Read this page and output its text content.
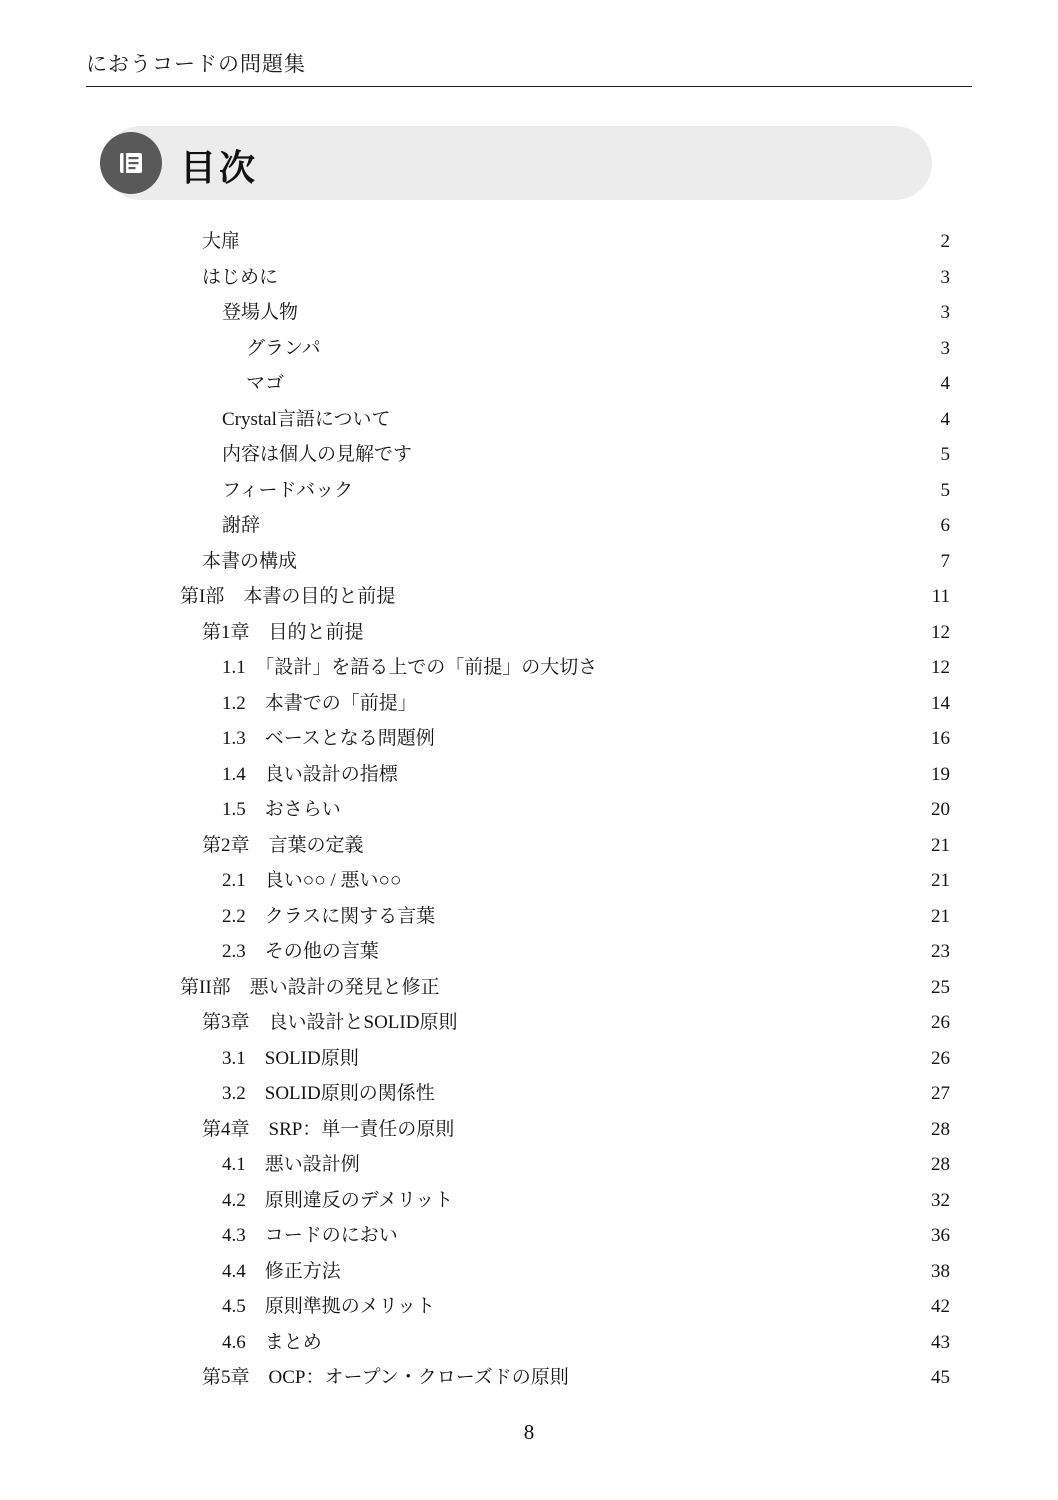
におうコードの問題集
目次
大扉 ·····	2
はじめに ·····	3
登場人物 ·····	3
グランパ ·····	3
マゴ ·····	4
Crystal言語について ·····	4
内容は個人の見解です ·····	5
フィードバック ·····	5
謝辞 ·····	6
本書の構成 ·····	7
第I部　本書の目的と前提 ·····	11
第1章　目的と前提 ·····	12
1.1　「設計」を語る上での「前提」の大切さ ·····	12
1.2　本書での「前提」 ·····	14
1.3　ベースとなる問題例 ·····	16
1.4　良い設計の指標 ·····	19
1.5　おさらい ·····	20
第2章　言葉の定義 ·····	21
2.1　良い○○ / 悪い○○ ·····	21
2.2　クラスに関する言葉 ·····	21
2.3　その他の言葉 ·····	23
第II部　悪い設計の発見と修正 ·····	25
第3章　良い設計とSOLID原則 ·····	26
3.1　SOLID原則 ·····	26
3.2　SOLID原則の関係性 ·····	27
第4章　SRP：単一責任の原則 ·····	28
4.1　悪い設計例 ·····	28
4.2　原則違反のデメリット ·····	32
4.3　コードのにおい ·····	36
4.4　修正方法 ·····	38
4.5　原則準拠のメリット ·····	42
4.6　まとめ ·····	43
第5章　OCP：オープン・クローズドの原則 ·····	45
8
